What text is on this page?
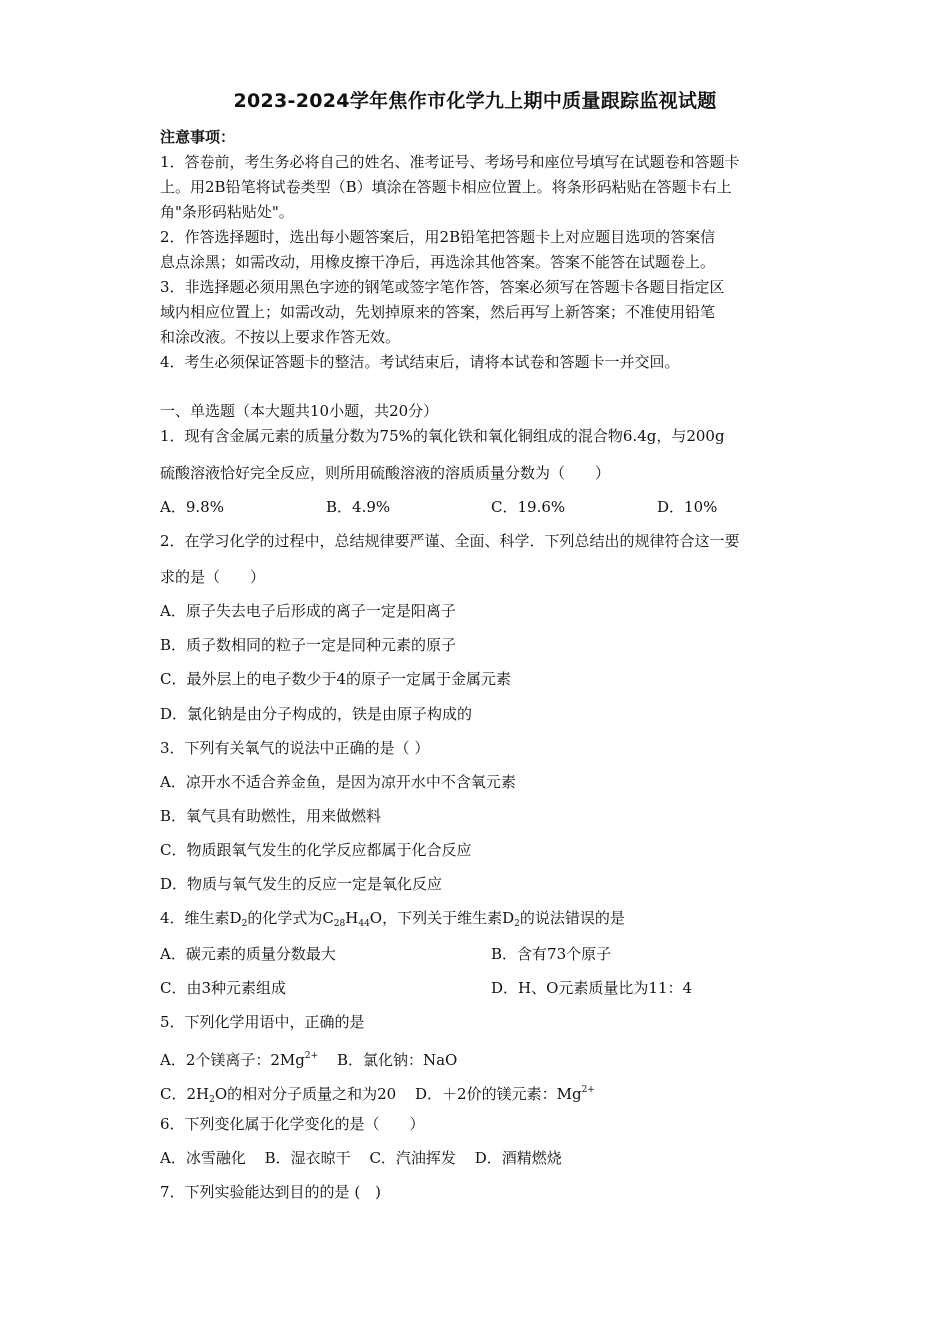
2023-2024学年焦作市化学九上期中质量跟踪监视试题
注意事项：
1．答卷前，考生务必将自己的姓名、准考证号、考场号和座位号填写在试题卷和答题卡
上。用2B铅笔将试卷类型（B）填涂在答题卡相应位置上。将条形码粘贴在答题卡右上
角"条形码粘贴处"。
2．作答选择题时，选出每小题答案后，用2B铅笔把答题卡上对应题目选项的答案信
息点涂黑；如需改动，用橡皮擦干净后，再选涂其他答案。答案不能答在试题卷上。
3．非选择题必须用黑色字迹的钢笔或签字笔作答，答案必须写在答题卡各题目指定区
域内相应位置上；如需改动，先划掉原来的答案，然后再写上新答案；不准使用铅笔
和涂改液。不按以上要求作答无效。
4．考生必须保证答题卡的整洁。考试结束后，请将本试卷和答题卡一并交回。
一、单选题（本大题共10小题，共20分）
1．现有含金属元素的质量分数为75%的氧化铁和氧化铜组成的混合物6.4g，与200g
硫酸溶液恰好完全反应，则所用硫酸溶液的溶质质量分数为（　　）
A．9.8%	B．4.9%	C．19.6%	D．10%
2．在学习化学的过程中，总结规律要严谨、全面、科学．下列总结出的规律符合这一要
求的是（　　）
A．原子失去电子后形成的离子一定是阳离子
B．质子数相同的粒子一定是同种元素的原子
C．最外层上的电子数少于4的原子一定属于金属元素
D．氯化钠是由分子构成的，铁是由原子构成的
3．下列有关氧气的说法中正确的是（ ）
A．凉开水不适合养金鱼，是因为凉开水中不含氧元素
B．氧气具有助燃性，用来做燃料
C．物质跟氧气发生的化学反应都属于化合反应
D．物质与氧气发生的反应一定是氧化反应
4．维生素$D_2$的化学式为$C_{28}H_{44}O$，下列关于维生素$D_2$的说法错误的是
A．碳元素的质量分数最大	B．含有73个原子
C．由3种元素组成	D．H、O元素质量比为11：4
5．下列化学用语中，正确的是
A．2个镁离子：$2Mg^{2+}$ B．氯化钠：NaO
C．$2H_2O$的相对分子质量之和为20 D．＋2价的镁元素：$Mg^{2+}$
6．下列变化属于化学变化的是（　　）
A．冰雪融化 B．湿衣晾干 C．汽油挥发 D．酒精燃烧
7．下列实验能达到目的的是 (　)
